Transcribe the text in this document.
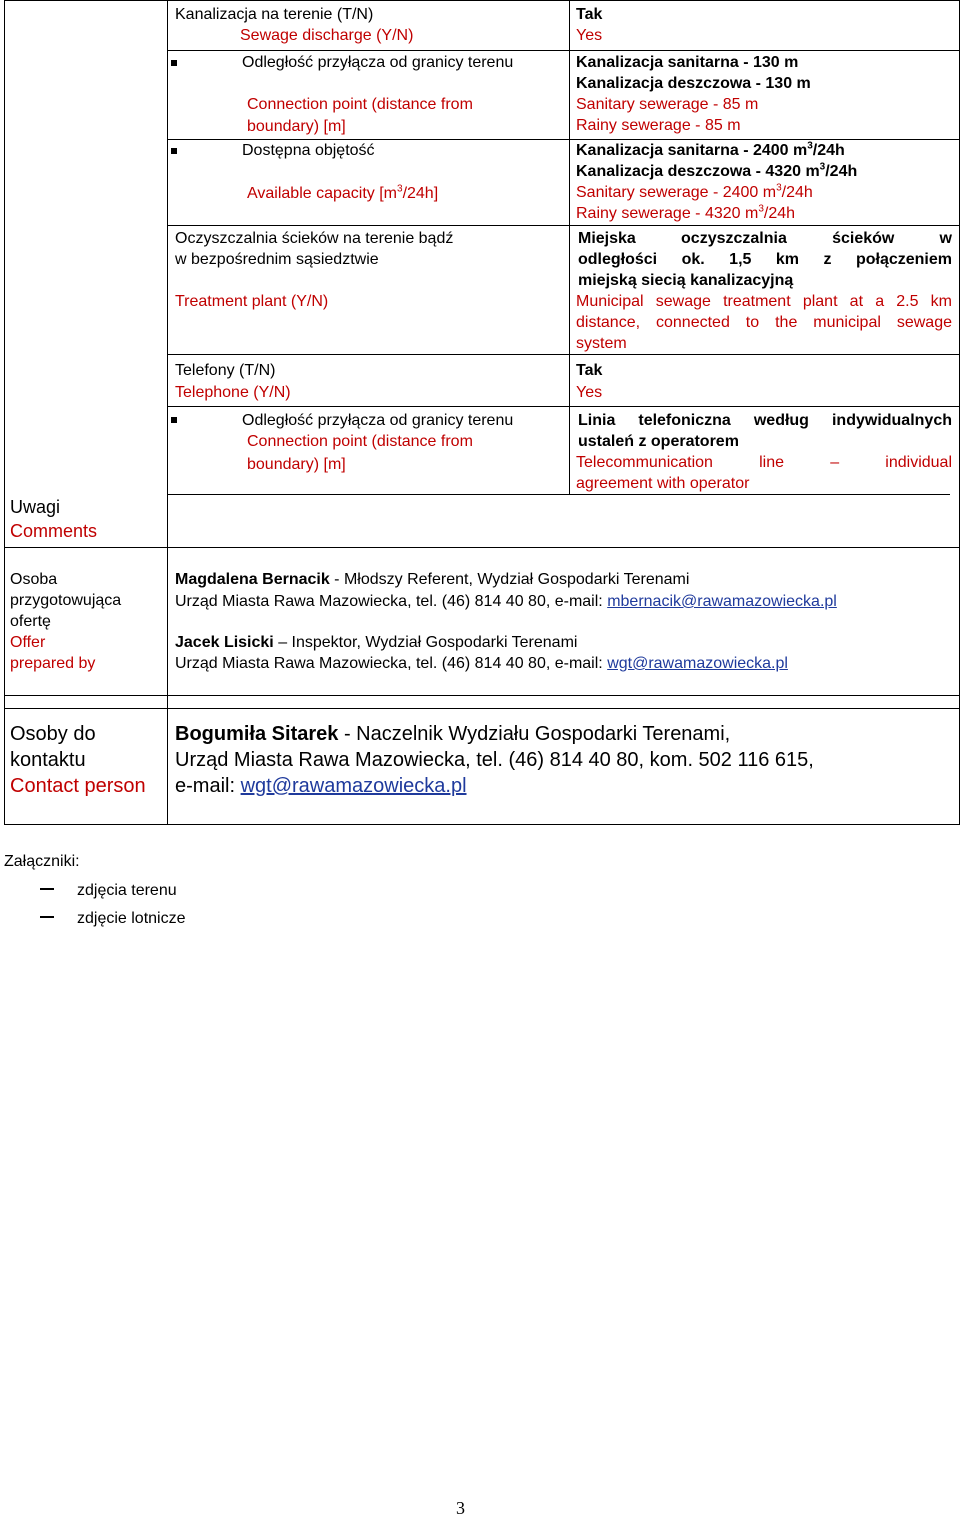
Kanalizacja na terenie (T/N)
Sewage discharge (Y/N)
Tak
Yes
Odległość przyłącza od granicy terenu
Connection point (distance from
boundary) [m]
Kanalizacja sanitarna - 130 m
Kanalizacja deszczowa - 130 m
Sanitary sewerage - 85 m
Rainy sewerage - 85 m
Dostępna objętość
Available capacity $[m^3/24h]$
Kanalizacja sanitarna - 2400 $m^3/24h$
Kanalizacja deszczowa - 4320 $m^3/24h$
Sanitary sewerage - 2400 $m^3/24h$
Rainy sewerage - 4320 $m^3/24h$
Oczyszczalnia ścieków na terenie bądź
w bezpośrednim sąsiedztwie
Treatment plant (Y/N)
Miejska oczyszczalnia ścieków w
odległości ok. 1,5 km z połączeniem
miejską siecią kanalizacyjną
Municipal sewage treatment plant at a 2.5 km
distance, connected to the municipal sewage
system
Telefony (T/N)
Telephone (Y/N)
Tak
Yes
Odległość przyłącza od granicy terenu
Connection point (distance from
boundary) [m]
Linia telefoniczna według indywidualnych
ustaleń z operatorem
Telecommunication line – individual
agreement with operator
Uwagi
Comments
Osoba
przygotowująca
ofertę
Offer
prepared by
Magdalena Bernacik - Młodszy Referent, Wydział Gospodarki Terenami
Urząd Miasta Rawa Mazowiecka, tel. (46) 814 40 80, e-mail: mbernacik@rawamazowiecka.pl
Jacek Lisicki – Inspektor, Wydział Gospodarki Terenami
Urząd Miasta Rawa Mazowiecka, tel. (46) 814 40 80, e-mail: wgt@rawamazowiecka.pl
Osoby do
kontaktu
Contact person
Bogumiła Sitarek - Naczelnik Wydziału Gospodarki Terenami,
Urząd Miasta Rawa Mazowiecka, tel. (46) 814 40 80, kom. 502 116 615,
e-mail: wgt@rawamazowiecka.pl
Załączniki:
zdjęcia terenu
zdjęcie lotnicze
3
